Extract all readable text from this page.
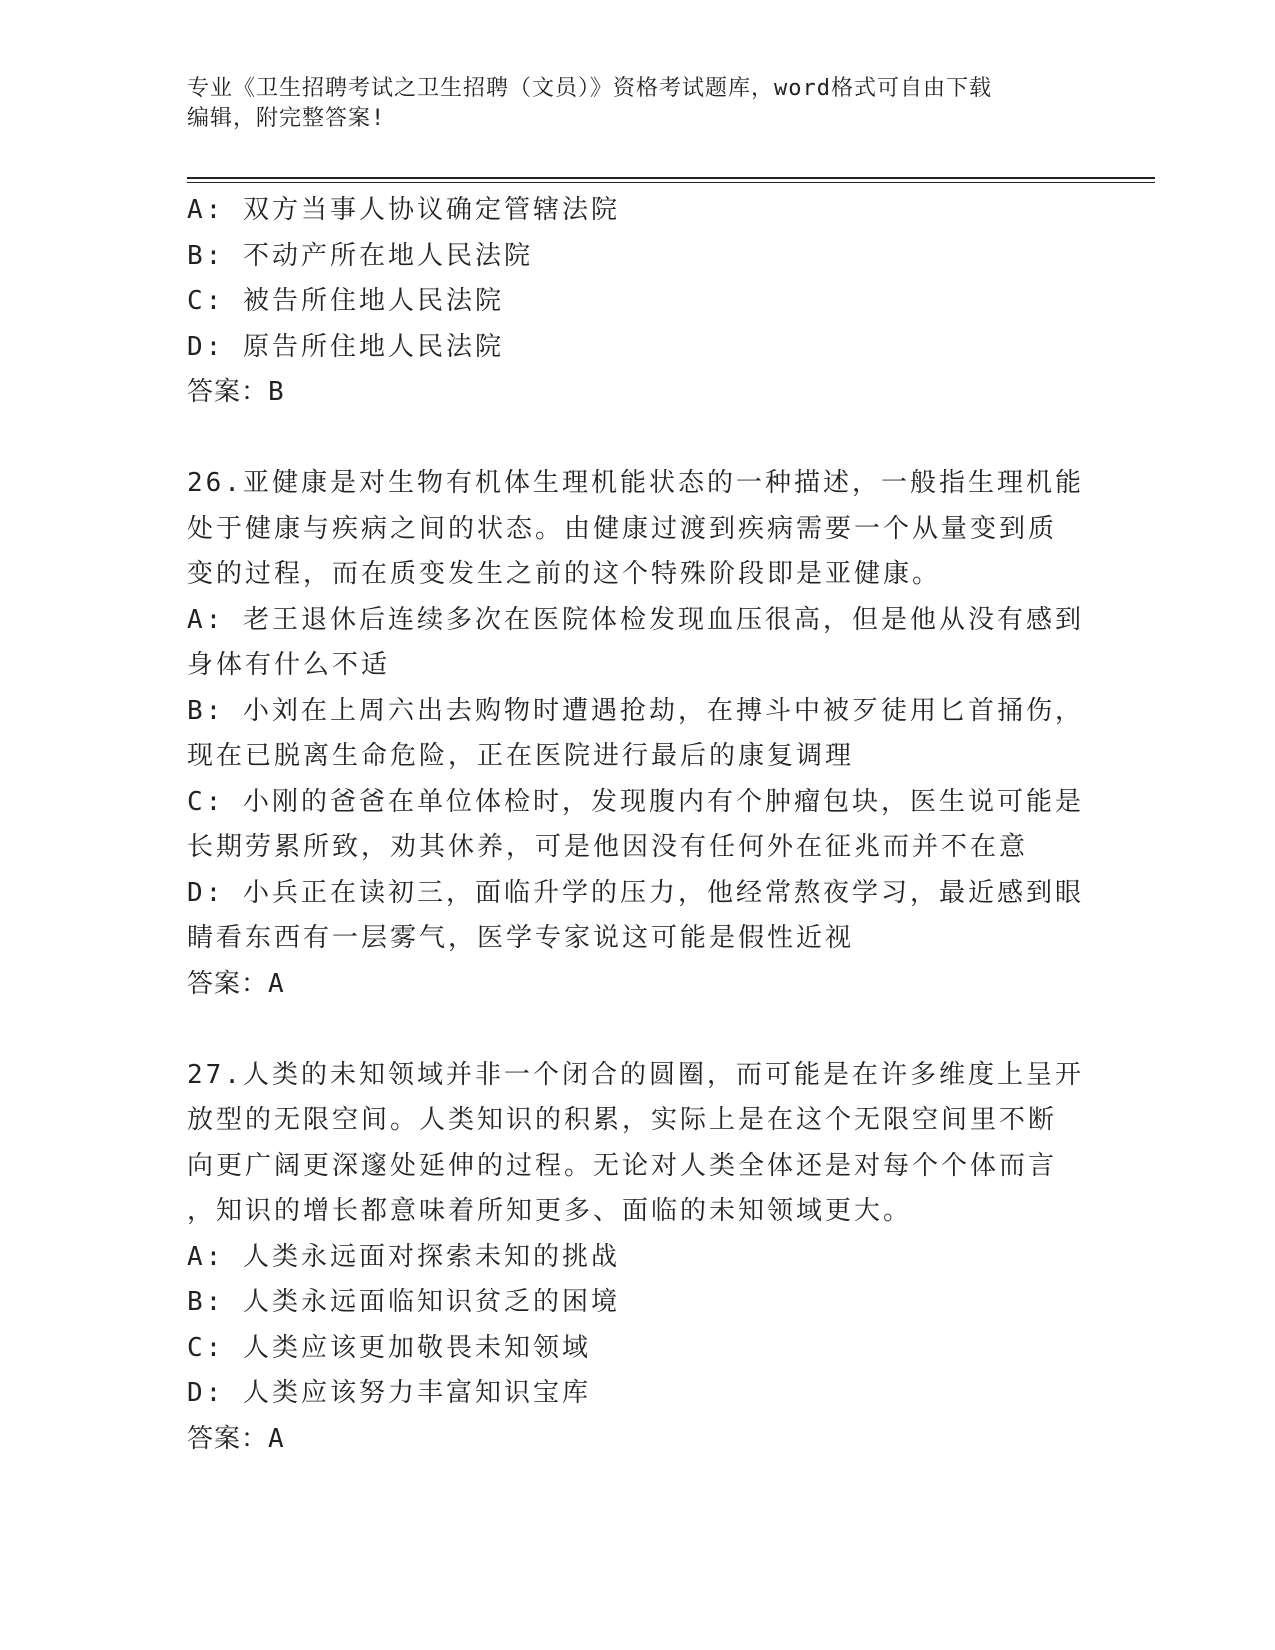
专业《卫生招聘考试之卫生招聘（文员）》资格考试题库，word格式可自由下载
编辑，附完整答案!
A: 双方当事人协议确定管辖法院
B: 不动产所在地人民法院
C: 被告所住地人民法院
D: 原告所住地人民法院
答案：B
26.亚健康是对生物有机体生理机能状态的一种描述，一般指生理机能
处于健康与疾病之间的状态。由健康过渡到疾病需要一个从量变到质
变的过程，而在质变发生之前的这个特殊阶段即是亚健康。
A: 老王退休后连续多次在医院体检发现血压很高，但是他从没有感到
身体有什么不适
B: 小刘在上周六出去购物时遭遇抢劫，在搏斗中被歹徒用匕首捅伤，
现在已脱离生命危险，正在医院进行最后的康复调理
C: 小刚的爸爸在单位体检时，发现腹内有个肿瘤包块，医生说可能是
长期劳累所致，劝其休养，可是他因没有任何外在征兆而并不在意
D: 小兵正在读初三，面临升学的压力，他经常熬夜学习，最近感到眼
睛看东西有一层雾气，医学专家说这可能是假性近视
答案：A
27.人类的未知领域并非一个闭合的圆圈，而可能是在许多维度上呈开
放型的无限空间。人类知识的积累，实际上是在这个无限空间里不断
向更广阔更深邃处延伸的过程。无论对人类全体还是对每个个体而言
，知识的增长都意味着所知更多、面临的未知领域更大。
A: 人类永远面对探索未知的挑战
B: 人类永远面临知识贫乏的困境
C: 人类应该更加敬畏未知领域
D: 人类应该努力丰富知识宝库
答案：A
